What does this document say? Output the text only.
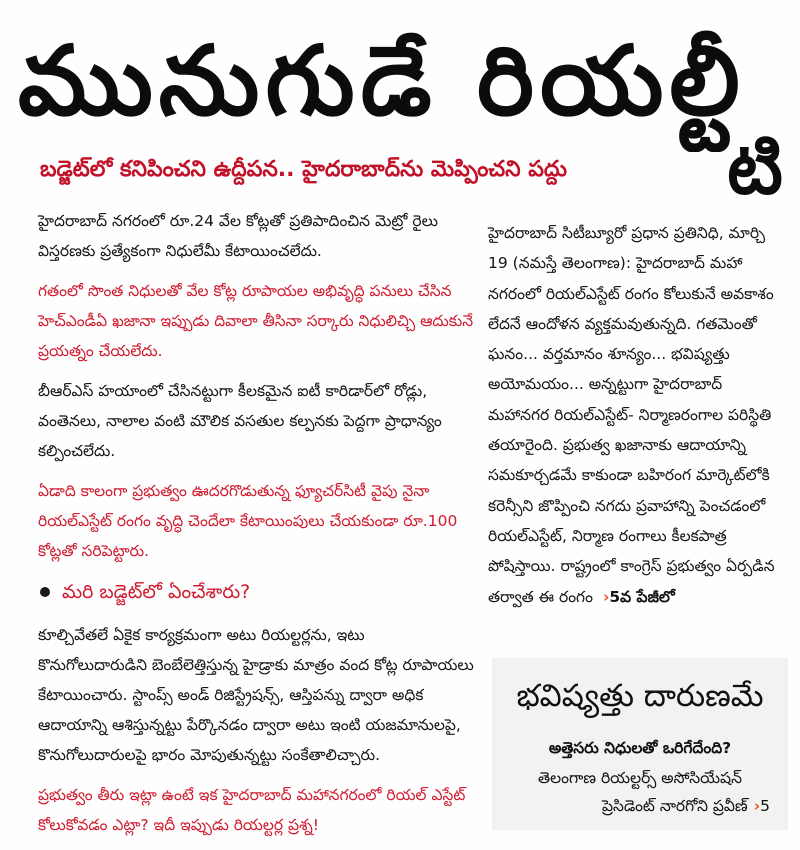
మునుగుడే రియల్టీ
టి
బడ్జెట్‌లో కనిపించని ఉద్దీపన.. హైదరాబాద్‌ను మెప్పించని పద్దు

హైదరాబాద్ నగరంలో రూ.24 వేల కోట్లతో ప్రతిపాదించిన మెట్రో రైలు విస్తరణకు ప్రత్యేకంగా నిధులేమీ కేటాయించలేదు.

గతంలో సొంత నిధులతో వేల కోట్ల రూపాయల అభివృద్ధి పనులు చేసిన హెచ్ఎండీఏ ఖజానా ఇప్పుడు దివాలా తీసినా సర్కారు నిధులిచ్చి ఆదుకునే ప్రయత్నం చేయలేదు.

బీఆర్ఎస్ హయాంలో చేసినట్టుగా కీలకమైన ఐటీ కారిడార్‌లో రోడ్లు, వంతెనలు, నాలాల వంటి మౌలిక వసతుల కల్పనకు పెద్దగా ప్రాధాన్యం కల్పించలేదు.

ఏడాది కాలంగా ప్రభుత్వం ఊదరగొడుతున్న ఫ్యూచర్‌సిటీ వైపు నైనా రియల్ఎస్టేట్ రంగం వృద్ధి చెందేలా కేటాయింపులు చేయకుండా రూ.100 కోట్లతో సరిపెట్టారు.

మరి బడ్జెట్‌లో ఏంచేశారు?

కూల్చివేతలే ఏకైక కార్యక్రమంగా అటు రియల్టర్లను, ఇటు కొనుగోలుదారుడిని బెంబేలెత్తిస్తున్న హైడ్రాకు మాత్రం వంద కోట్ల రూపాయలు కేటాయించారు. స్టాంప్స్ అండ్ రిజిస్ట్రేషన్స్, ఆస్తిపన్ను ద్వారా అధిక ఆదాయాన్ని ఆశిస్తున్నట్టు పేర్కొనడం ద్వారా అటు ఇంటి యజమానులపై, కొనుగోలుదారులపై భారం మోపుతున్నట్టు సంకేతాలిచ్చారు.

ప్రభుత్వం తీరు ఇట్లా ఉంటే ఇక హైదరాబాద్ మహానగరంలో రియల్ ఎస్టేట్ కోలుకోవడం ఎట్లా? ఇదీ ఇప్పుడు రియల్టర్ల ప్రశ్న!

హైదరాబాద్ సిటీబ్యూరో ప్రధాన ప్రతినిధి, మార్చి 19 (నమస్తే తెలంగాణ): హైదరాబాద్ మహా నగరంలో రియల్ఎస్టేట్ రంగం కోలుకునే అవకాశం లేదనే ఆందోళన వ్యక్తమవుతున్నది. గతమెంతో ఘనం... వర్తమానం శూన్యం... భవిష్యత్తు అయోమయం... అన్నట్టుగా హైదరాబాద్ మహానగర రియల్ఎస్టేట్- నిర్మాణరంగాల పరిస్థితి తయారైంది. ప్రభుత్వ ఖజానాకు ఆదాయాన్ని సమకూర్చడమే కాకుండా బహిరంగ మార్కెట్‌లోకి కరెన్సీని జొప్పించి నగదు ప్రవాహాన్ని పెంచడంలో రియల్ఎస్టేట్, నిర్మాణ రంగాలు కీలకపాత్ర పోషిస్తాయి. రాష్ట్రంలో కాంగ్రెస్ ప్రభుత్వం ఏర్పడిన తర్వాత ఈ రంగం ›5వ పేజీలో

భవిష్యత్తు దారుణమే
అత్తెసరు నిధులతో ఒరిగేదేంది?
తెలంగాణ రియల్టర్స్ అసోసియేషన్
ప్రెసిడెంట్ నారగోని ప్రవీణ్ ›5
